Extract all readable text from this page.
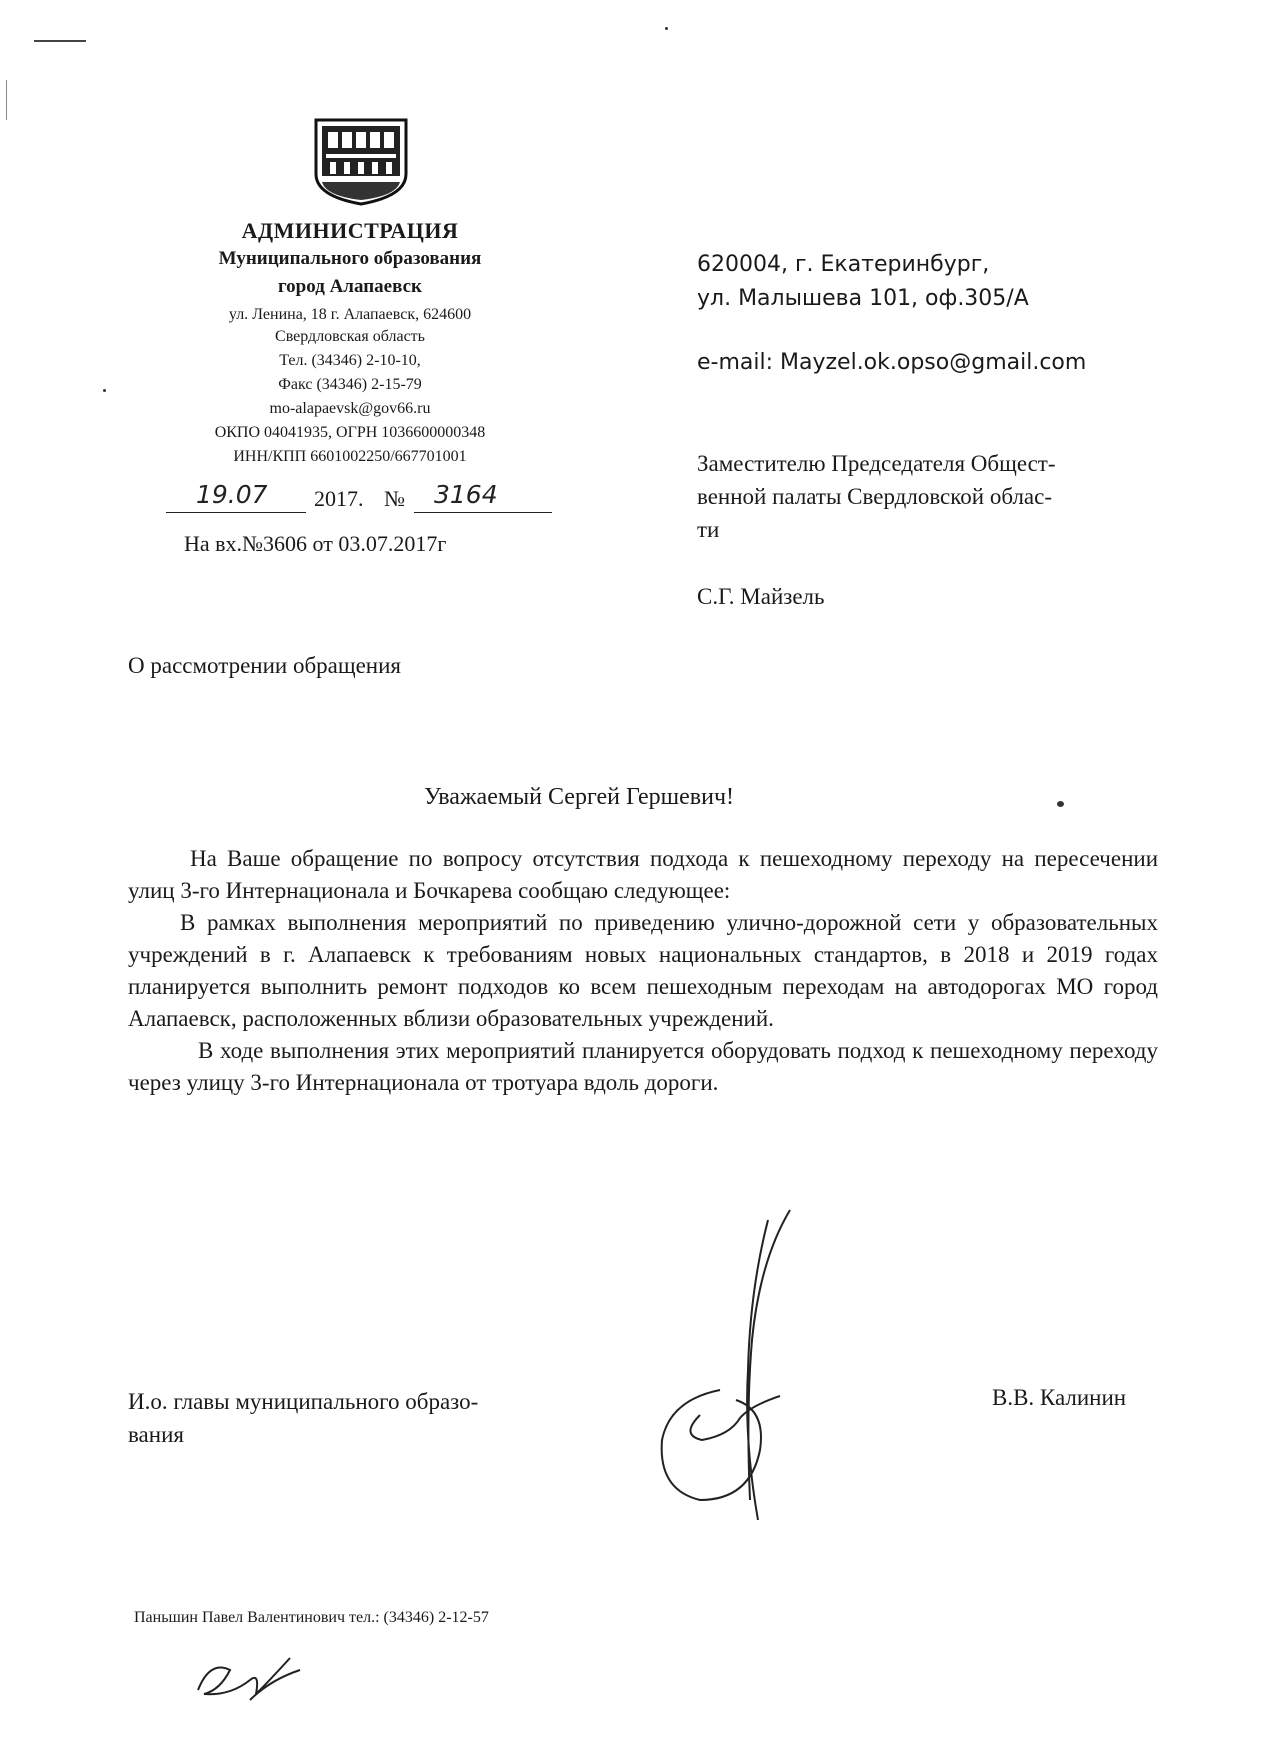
АДМИНИСТРАЦИЯ
Муниципального образования
город Алапаевск
ул. Ленина, 18 г. Алапаевск, 624600
Свердловская область
Тел. (34346) 2-10-10,
Факс (34346) 2-15-79
mo-alapaevsk@gov66.ru
ОКПО 04041935, ОГРН 1036600000348
ИНН/КПП 6601002250/667701001
19.07 2017. № 3164
На вх.№3606 от 03.07.2017г
620004, г. Екатеринбург,
ул. Малышева 101, оф.305/А
e-mail: Mayzel.ok.opso@gmail.com
Заместителю Председателя Общест-
венной палаты Свердловской облас-
ти
С.Г. Майзель
О рассмотрении обращения
Уважаемый Сергей Гершевич!

На Ваше обращение по вопросу отсутствия подхода к пешеходному переходу на пересечении улиц 3-го Интернационала и Бочкарева сообщаю следующее:

В рамках выполнения мероприятий по приведению улично-дорожной сети у образовательных учреждений в г. Алапаевск к требованиям новых национальных стандартов, в 2018 и 2019 годах планируется выполнить ремонт подходов ко всем пешеходным переходам на автодорогах МО город Алапаевск, расположенных вблизи образовательных учреждений.

В ходе выполнения этих мероприятий планируется оборудовать подход к пешеходному переходу через улицу 3-го Интернационала от тротуара вдоль дороги.

И.о. главы муниципального образо-
вания
В.В. Калинин
Паньшин Павел Валентинович тел.: (34346) 2-12-57
